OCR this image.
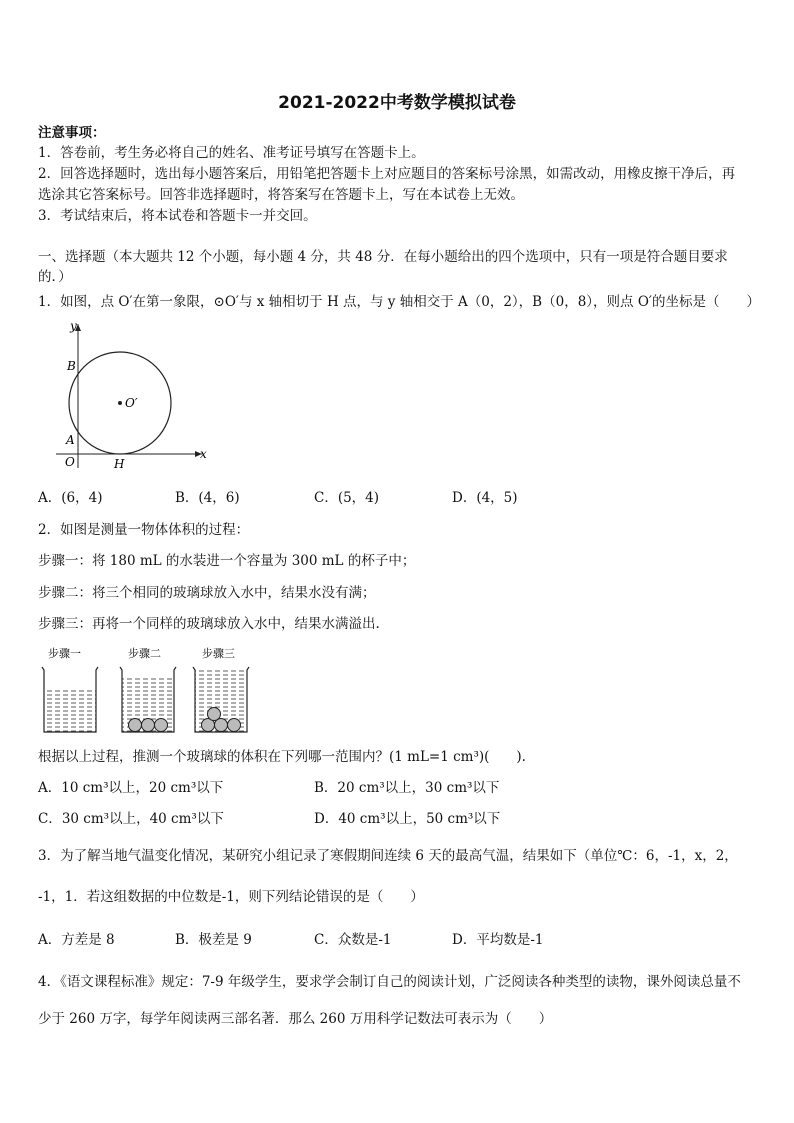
2021-2022中考数学模拟试卷
注意事项：
1．答卷前，考生务必将自己的姓名、准考证号填写在答题卡上。
2．回答选择题时，选出每小题答案后，用铅笔把答题卡上对应题目的答案标号涂黑，如需改动，用橡皮擦干净后，再
选涂其它答案标号。回答非选择题时，将答案写在答题卡上，写在本试卷上无效。
3．考试结束后，将本试卷和答题卡一并交回。
一、选择题（本大题共 12 个小题，每小题 4 分，共 48 分．在每小题给出的四个选项中，只有一项是符合题目要求
的．）
1．如图，点 O′在第一象限，⊙O′与 x 轴相切于 H 点，与 y 轴相交于 A（0，2），B（0，8），则点 O′的坐标是（　　）
y
x
B
A
O	H
O′
A．(6，4)	B．(4，6)	C．(5，4)	D．(4，5)
2．如图是测量一物体体积的过程：
步骤一：将 180 mL 的水装进一个容量为 300 mL 的杯子中；
步骤二：将三个相同的玻璃球放入水中，结果水没有满；
步骤三：再将一个同样的玻璃球放入水中，结果水满溢出.
步骤一	步骤二	步骤三
根据以上过程，推测一个玻璃球的体积在下列哪一范围内？(1 mL=1 cm³)(　　).
A．10 cm³以上，20 cm³以下	B．20 cm³以上，30 cm³以下
C．30 cm³以上，40 cm³以下	D．40 cm³以上，50 cm³以下
3．为了解当地气温变化情况，某研究小组记录了寒假期间连续 6 天的最高气温，结果如下（单位℃：6，-1，x，2，
-1，1．若这组数据的中位数是-1，则下列结论错误的是（　　）
A．方差是 8	B．极差是 9	C．众数是-1	D．平均数是-1
4．《语文课程标准》规定：7-9 年级学生，要求学会制订自己的阅读计划，广泛阅读各种类型的读物，课外阅读总量不
少于 260 万字，每学年阅读两三部名著．那么 260 万用科学记数法可表示为（　　）
